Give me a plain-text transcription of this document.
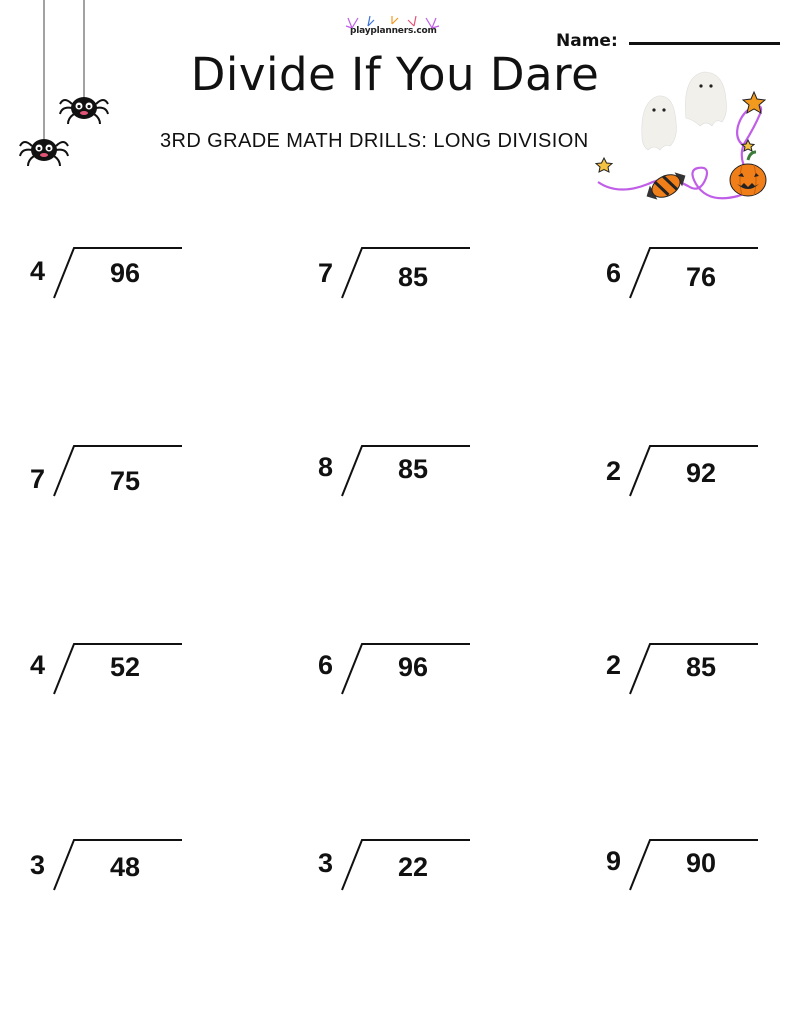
playplanners.com	Name:
Divide If You Dare
3RD GRADE MATH DRILLS: LONG DIVISION
4 96	7 85	6 76
7 75	8 85	2 92
4 52	6 96	2 85
3 48	3 22	9 90
